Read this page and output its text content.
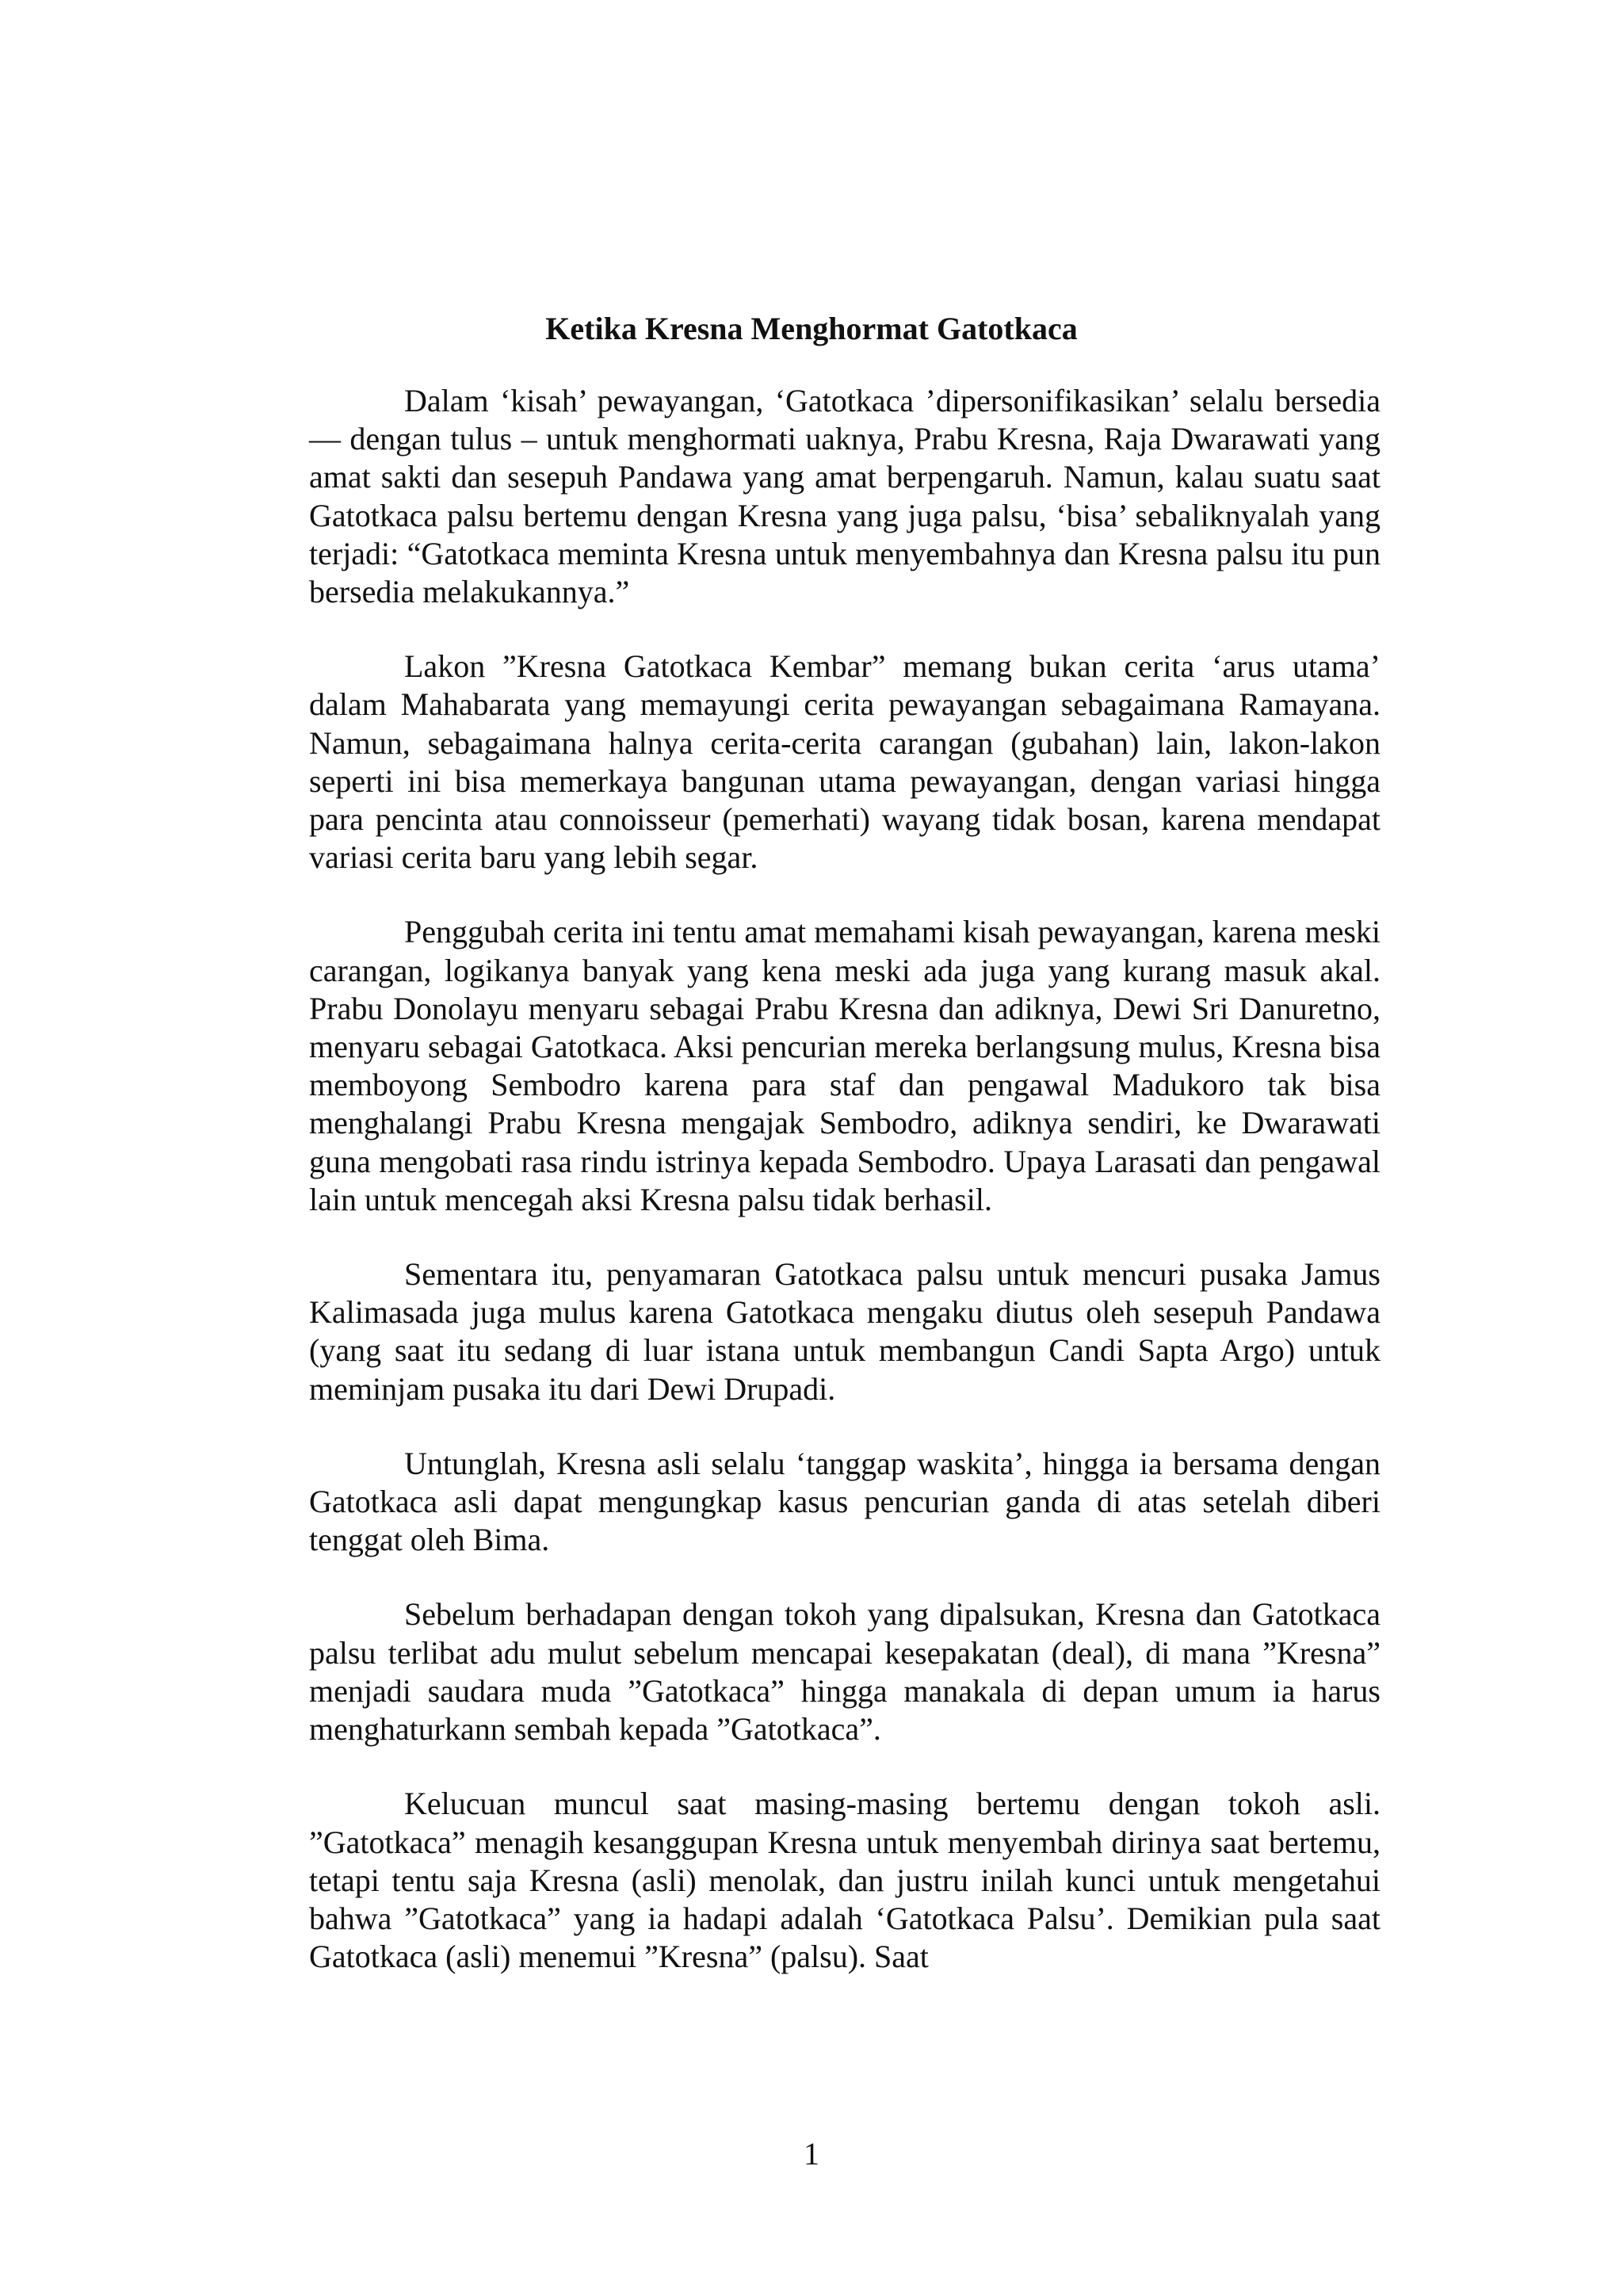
Ketika Kresna Menghormat Gatotkaca

Dalam ‘kisah’ pewayangan, ‘Gatotkaca ’dipersonifikasikan’ selalu bersedia — dengan tulus – untuk menghormati uaknya, Prabu Kresna, Raja Dwarawati yang amat sakti dan sesepuh Pandawa yang amat berpengaruh. Namun, kalau suatu saat Gatotkaca palsu bertemu dengan Kresna yang juga palsu, ‘bisa’ sebaliknyalah yang terjadi: “Gatotkaca meminta Kresna untuk menyembahnya dan Kresna palsu itu pun bersedia melakukannya.”

Lakon ”Kresna Gatotkaca Kembar” memang bukan cerita ‘arus utama’ dalam Mahabarata yang memayungi cerita pewayangan sebagaimana Ramayana. Namun, sebagaimana halnya cerita-cerita carangan (gubahan) lain, lakon-lakon seperti ini bisa memerkaya bangunan utama pewayangan, dengan variasi hingga para pencinta atau connoisseur (pemerhati) wayang tidak bosan, karena mendapat variasi cerita baru yang lebih segar.

Penggubah cerita ini tentu amat memahami kisah pewayangan, karena meski carangan, logikanya banyak yang kena meski ada juga yang kurang masuk akal. Prabu Donolayu menyaru sebagai Prabu Kresna dan adiknya, Dewi Sri Danuretno, menyaru sebagai Gatotkaca. Aksi pencurian mereka berlangsung mulus, Kresna bisa memboyong Sembodro karena para staf dan pengawal Madukoro tak bisa menghalangi Prabu Kresna mengajak Sembodro, adiknya sendiri, ke Dwarawati guna mengobati rasa rindu istrinya kepada Sembodro. Upaya Larasati dan pengawal lain untuk mencegah aksi Kresna palsu tidak berhasil.

Sementara itu, penyamaran Gatotkaca palsu untuk mencuri pusaka Jamus Kalimasada juga mulus karena Gatotkaca mengaku diutus oleh sesepuh Pandawa (yang saat itu sedang di luar istana untuk membangun Candi Sapta Argo) untuk meminjam pusaka itu dari Dewi Drupadi.

Untunglah, Kresna asli selalu ‘tanggap waskita’, hingga ia bersama dengan Gatotkaca asli dapat mengungkap kasus pencurian ganda di atas setelah diberi tenggat oleh Bima.

Sebelum berhadapan dengan tokoh yang dipalsukan, Kresna dan Gatotkaca palsu terlibat adu mulut sebelum mencapai kesepakatan (deal), di mana ”Kresna” menjadi saudara muda ”Gatotkaca” hingga manakala di depan umum ia harus menghaturkann sembah kepada ”Gatotkaca”.

Kelucuan muncul saat masing-masing bertemu dengan tokoh asli. ”Gatotkaca” menagih kesanggupan Kresna untuk menyembah dirinya saat bertemu, tetapi tentu saja Kresna (asli) menolak, dan justru inilah kunci untuk mengetahui bahwa ”Gatotkaca” yang ia hadapi adalah ‘Gatotkaca Palsu’. Demikian pula saat Gatotkaca (asli) menemui ”Kresna” (palsu). Saat

1
